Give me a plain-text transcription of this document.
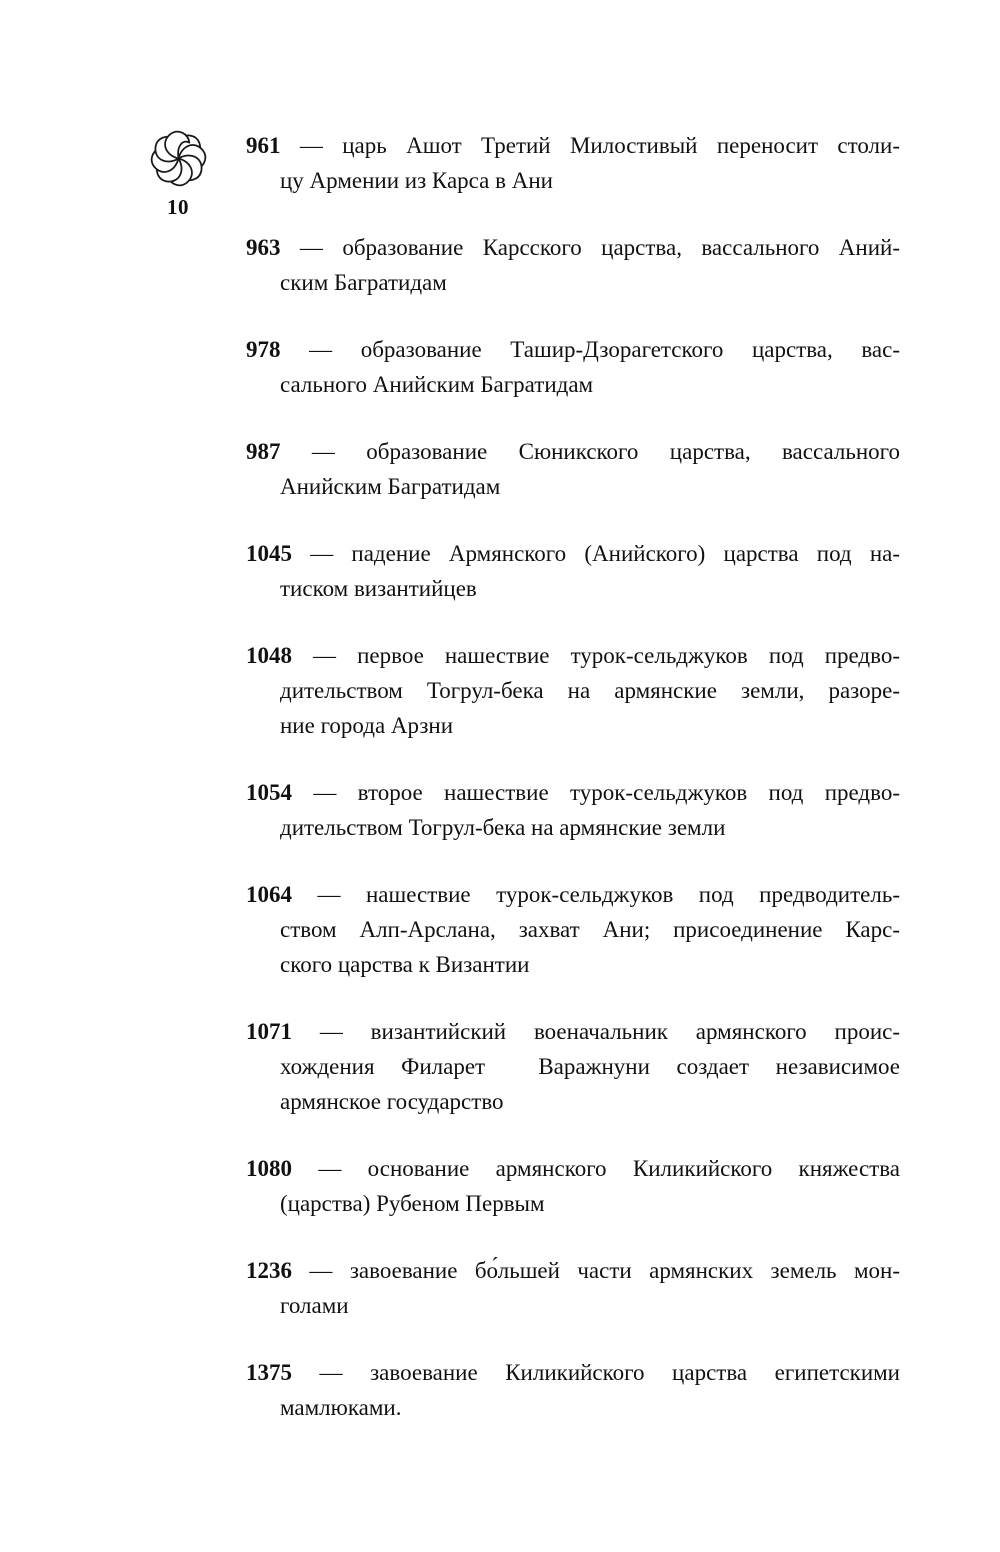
10
961 — царь Ашот Третий Милостивый переносит столи-
цу Армении из Карса в Ани
963 — образование Карсского царства, вассального Аний-
ским Багратидам
978 — образование Ташир-Дзорагетского царства, вас-
сального Анийским Багратидам
987 — образование Сюникского царства, вассального
Анийским Багратидам
1045 — падение Армянского (Анийского) царства под на-
тиском византийцев
1048 — первое нашествие турок-сельджуков под предво-
дительством Тогрул-бека на армянские земли, разоре-
ние города Арзни
1054 — второе нашествие турок-сельджуков под предво-
дительством Тогрул-бека на армянские земли
1064 — нашествие турок-сельджуков под предводитель-
ством Алп-Арслана, захват Ани; присоединение Карс-
ского царства к Византии
1071 — византийский военачальник армянского проис-
хождения Филарет  Варажнуни создает независимое
армянское государство
1080 — основание армянского Киликийского княжества
(царства) Рубеном Первым
1236 — завоевание бо́льшей части армянских земель мон-
голами
1375 — завоевание Киликийского царства египетскими
мамлюками.
